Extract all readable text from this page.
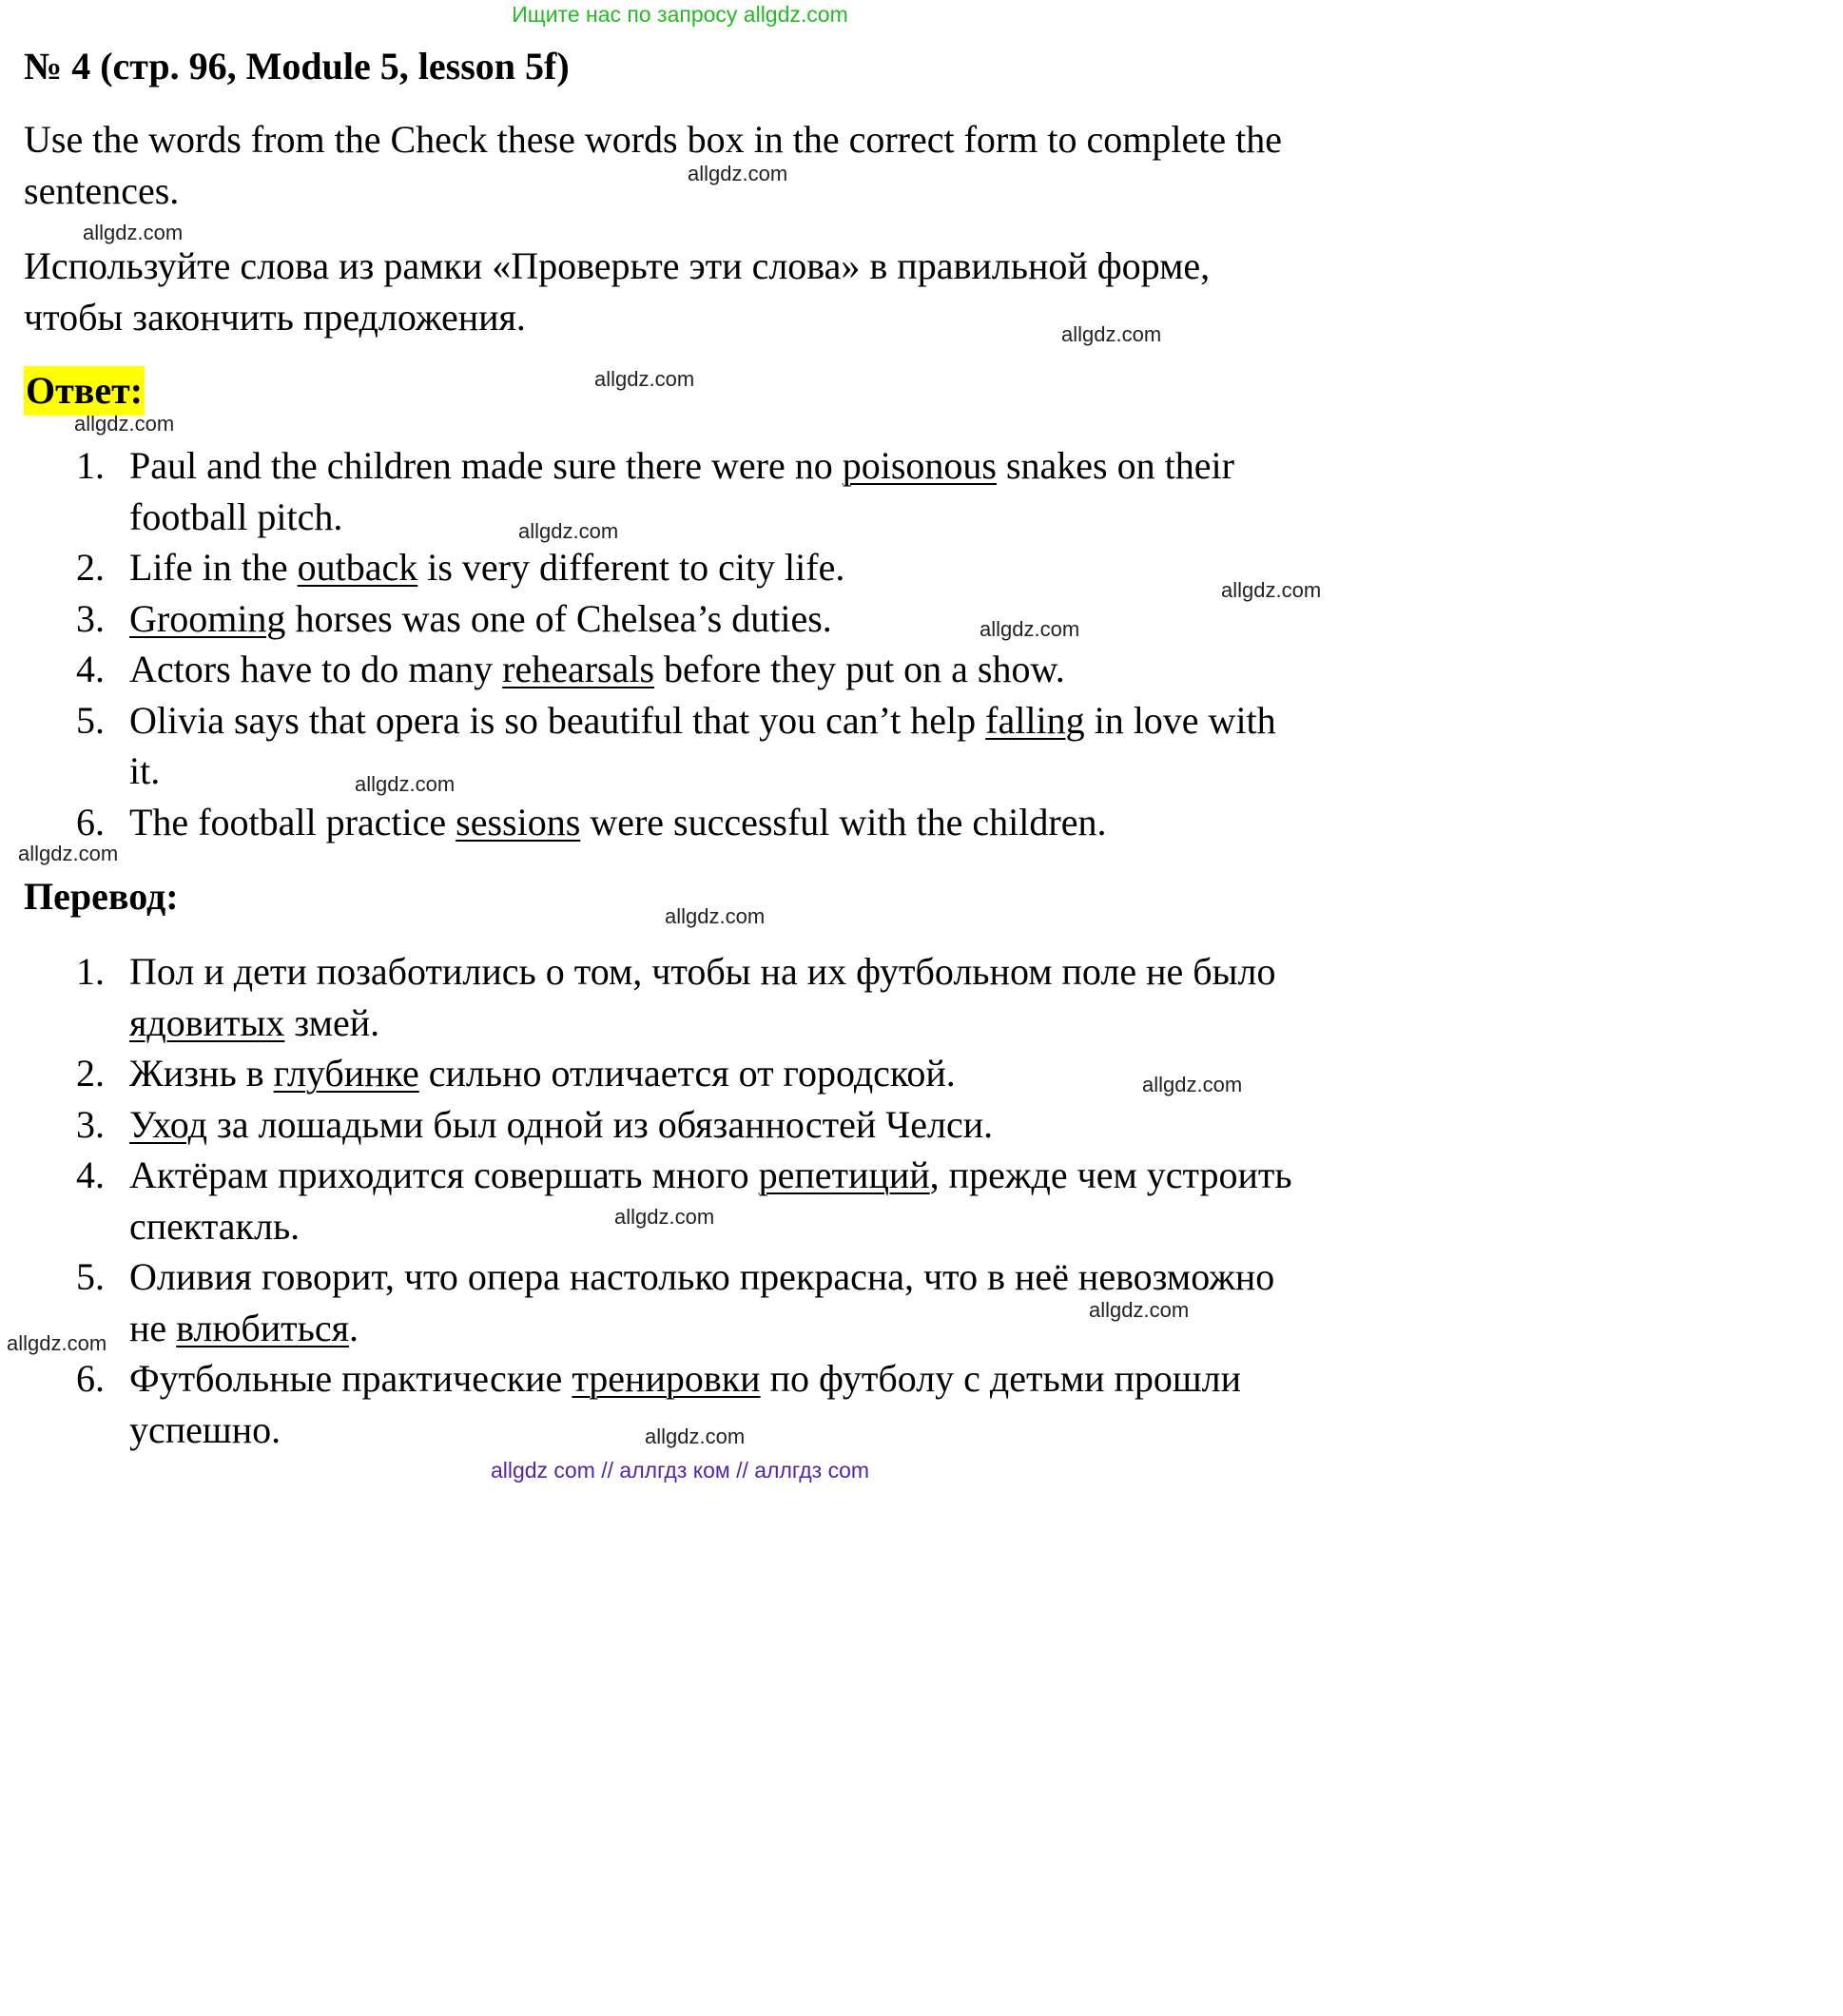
Ищите нас по запросу allgdz.com
№ 4 (стр. 96, Module 5, lesson 5f)
Use the words from the Check these words box in the correct form to complete the sentences.
Используйте слова из рамки «Проверьте эти слова» в правильной форме, чтобы закончить предложения.
Ответ:
1. Paul and the children made sure there were no poisonous snakes on their football pitch.
2. Life in the outback is very different to city life.
3. Grooming horses was one of Chelsea’s duties.
4. Actors have to do many rehearsals before they put on a show.
5. Olivia says that opera is so beautiful that you can’t help falling in love with it.
6. The football practice sessions were successful with the children.
Перевод:
1. Пол и дети позаботились о том, чтобы на их футбольном поле не было ядовитых змей.
2. Жизнь в глубинке сильно отличается от городской.
3. Уход за лошадьми был одной из обязанностей Челси.
4. Актёрам приходится совершать много репетиций, прежде чем устроить спектакль.
5. Оливия говорит, что опера настолько прекрасна, что в неё невозможно не влюбиться.
6. Футбольные практические тренировки по футболу с детьми прошли успешно.
allgdz.com
allgdz.com
allgdz.com
allgdz.com
allgdz.com
allgdz.com
allgdz.com
allgdz.com
allgdz.com
allgdz.com
allgdz.com
allgdz.com
allgdz.com
allgdz.com
allgdz.com
allgdz.com
allgdz com // аллгдз ком // аллгдз com
